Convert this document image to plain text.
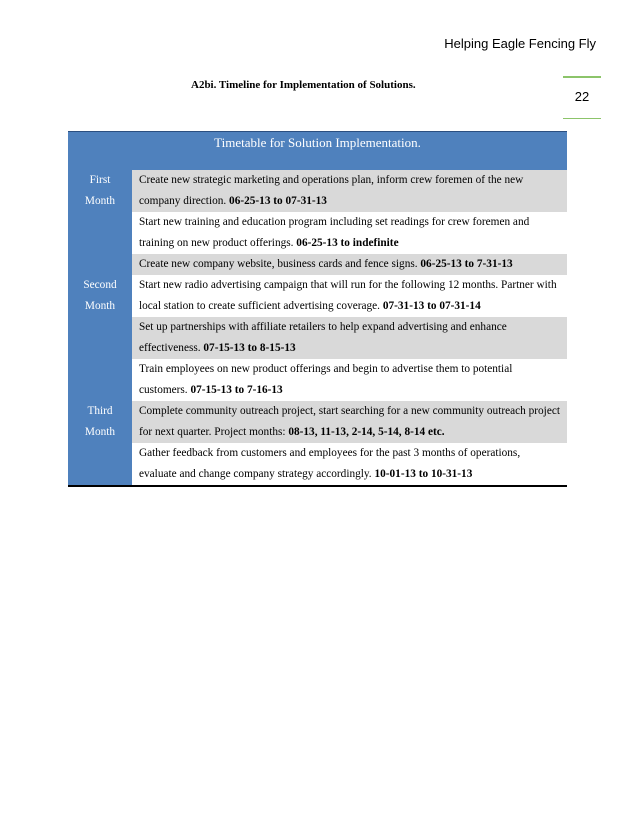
Helping Eagle Fencing Fly
22
A2bi. Timeline for Implementation of Solutions.
Timetable for Solution Implementation.	
First Month	Create new strategic marketing and operations plan, inform crew foremen of the new company direction. 06-25-13 to 07-31-13
	Start new training and education program including set readings for crew foremen and training on new product offerings. 06-25-13 to indefinite
	Create new company website, business cards and fence signs. 06-25-13 to 7-31-13
Second Month	Start new radio advertising campaign that will run for the following 12 months. Partner with local station to create sufficient advertising coverage. 07-31-13 to 07-31-14
	Set up partnerships with affiliate retailers to help expand advertising and enhance effectiveness. 07-15-13 to 8-15-13
	Train employees on new product offerings and begin to advertise them to potential customers. 07-15-13 to 7-16-13
Third Month	Complete community outreach project, start searching for a new community outreach project for next quarter. Project months: 08-13, 11-13, 2-14, 5-14, 8-14 etc.
	Gather feedback from customers and employees for the past 3 months of operations, evaluate and change company strategy accordingly. 10-01-13 to 10-31-13
